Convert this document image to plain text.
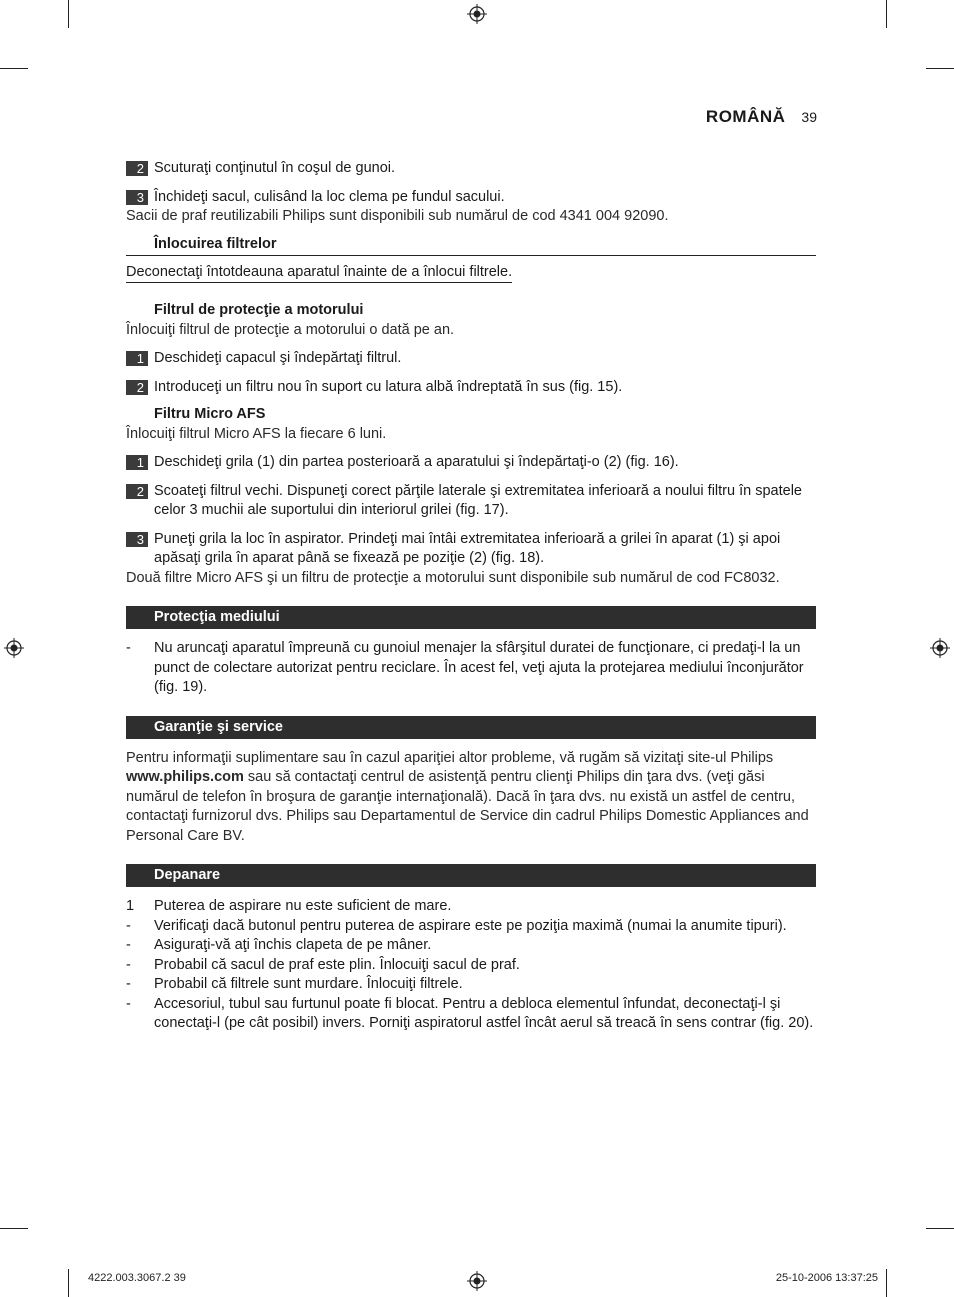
ROMÂNĂ 39
2 Scuturaţi conţinutul în coşul de gunoi.
3 Închideţi sacul, culisând la loc clema pe fundul sacului.
Sacii de praf reutilizabili Philips sunt disponibili sub numărul de cod 4341 004 92090.
Înlocuirea filtrelor
Deconectaţi întotdeauna aparatul înainte de a înlocui filtrele.
Filtrul de protecţie a motorului
Înlocuiţi filtrul de protecţie a motorului o dată pe an.
1 Deschideţi capacul şi îndepărtaţi filtrul.
2 Introduceţi un filtru nou în suport cu latura albă îndreptată în sus (fig. 15).
Filtru Micro AFS
Înlocuiţi filtrul Micro AFS la fiecare 6 luni.
1 Deschideţi grila (1) din partea posterioară a aparatului şi îndepărtaţi-o (2) (fig. 16).
2 Scoateţi filtrul vechi. Dispuneţi corect părţile laterale şi extremitatea inferioară a noului filtru în spatele celor 3 muchii ale suportului din interiorul grilei (fig. 17).
3 Puneţi grila la loc în aspirator. Prindeţi mai întâi extremitatea inferioară a grilei în aparat (1) şi apoi apăsaţi grila în aparat până se fixează pe poziţie (2) (fig. 18).
Două filtre Micro AFS şi un filtru de protecţie a motorului sunt disponibile sub numărul de cod FC8032.
Protecţia mediului
-	Nu aruncaţi aparatul împreună cu gunoiul menajer la sfârşitul duratei de funcţionare, ci predaţi-l la un punct de colectare autorizat pentru reciclare. În acest fel, veţi ajuta la protejarea mediului înconjurător (fig. 19).
Garanţie şi service
Pentru informaţii suplimentare sau în cazul apariţiei altor probleme, vă rugăm să vizitaţi site-ul Philips www.philips.com sau să contactaţi centrul de asistenţă pentru clienţi Philips din ţara dvs. (veţi găsi numărul de telefon în broşura de garanţie internaţională). Dacă în ţara dvs. nu există un astfel de centru, contactaţi furnizorul dvs. Philips sau Departamentul de Service din cadrul Philips Domestic Appliances and Personal Care BV.
Depanare
1	Puterea de aspirare nu este suficient de mare.
-	Verificaţi dacă butonul pentru puterea de aspirare este pe poziţia maximă (numai la anumite tipuri).
-	Asiguraţi-vă aţi închis clapeta de pe mâner.
-	Probabil că sacul de praf este plin. Înlocuiţi sacul de praf.
-	Probabil că filtrele sunt murdare. Înlocuiţi filtrele.
-	Accesoriul, tubul sau furtunul poate fi blocat. Pentru a debloca elementul înfundat, deconectaţi-l şi conectaţi-l (pe cât posibil) invers. Porniţi aspiratorul astfel încât aerul să treacă în sens contrar (fig. 20).
4222.003.3067.2 39	25-10-2006 13:37:25
